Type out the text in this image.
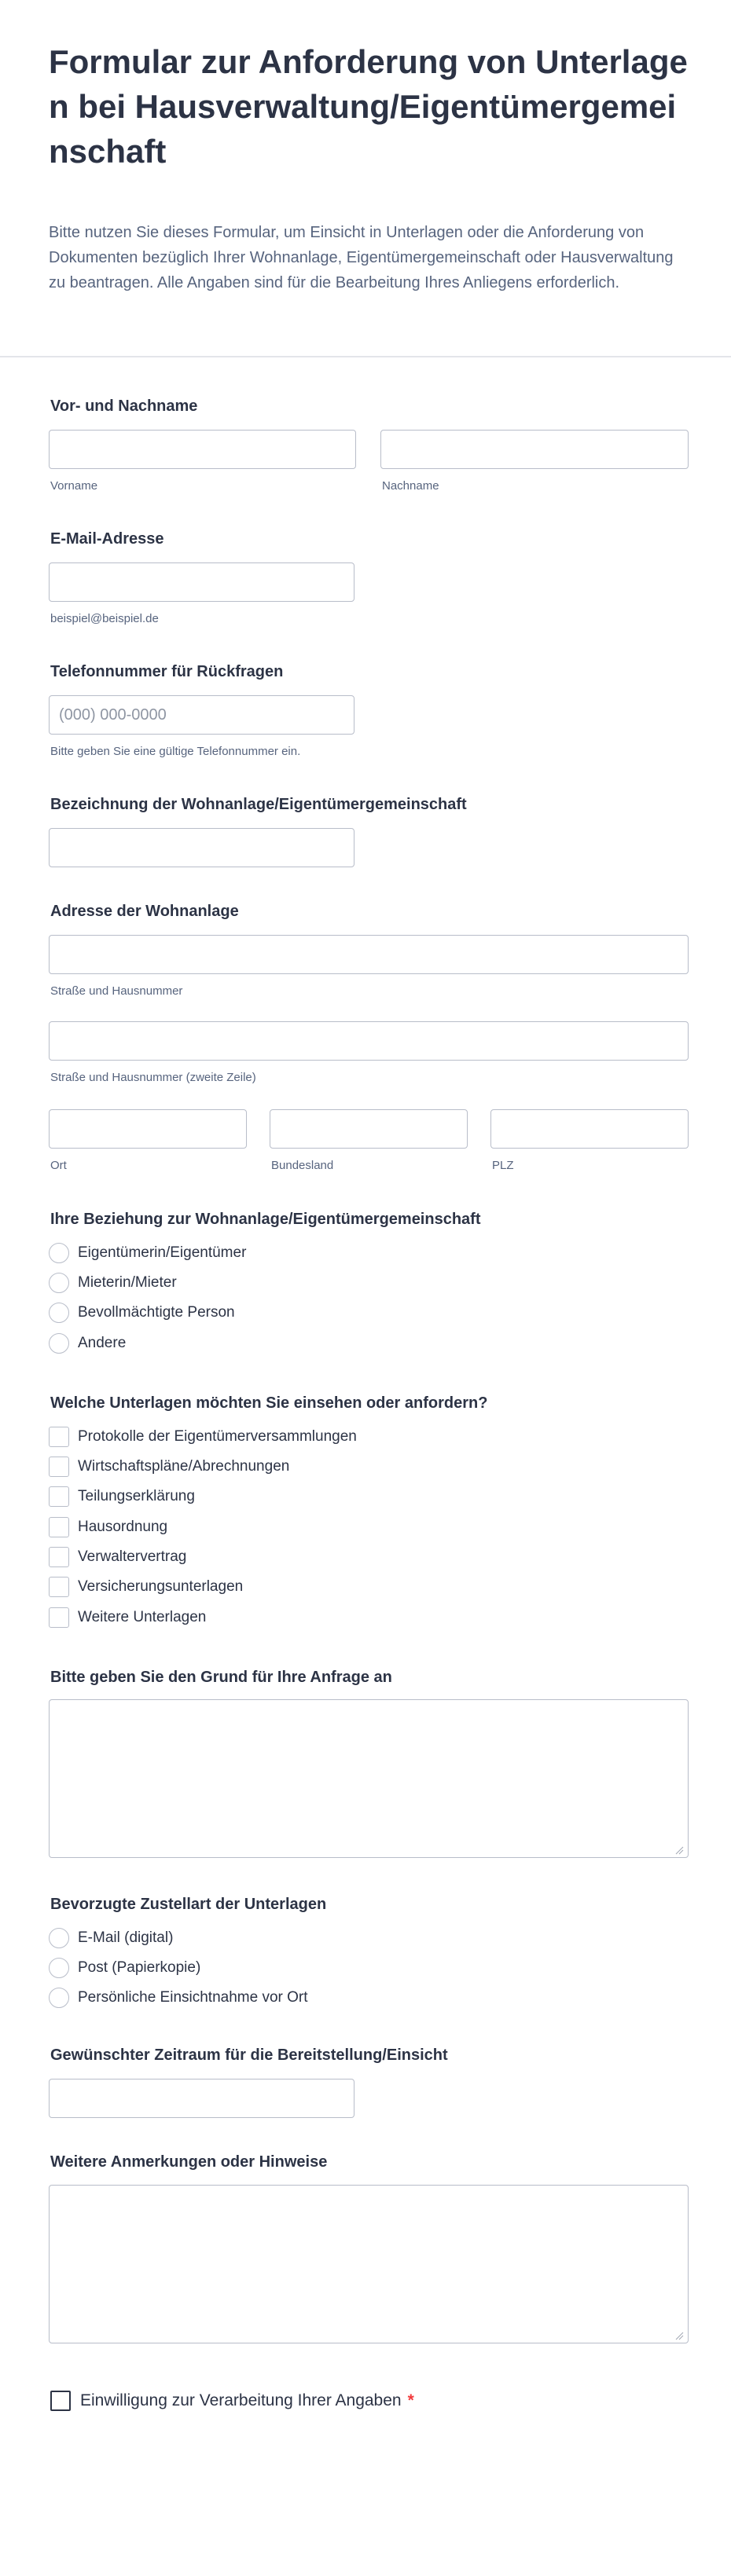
Formular zur Anforderung von Unterlagen bei Hausverwaltung/Eigentümergemeinschaft

Bitte nutzen Sie dieses Formular, um Einsicht in Unterlagen oder die Anforderung von Dokumenten bezüglich Ihrer Wohnanlage, Eigentümergemeinschaft oder Hausverwaltung zu beantragen. Alle Angaben sind für die Bearbeitung Ihres Anliegens erforderlich.

Vor- und Nachname
Vorname	Nachname
E-Mail-Adresse
beispiel@beispiel.de
Telefonnummer für Rückfragen
(000) 000-0000
Bitte geben Sie eine gültige Telefonnummer ein.
Bezeichnung der Wohnanlage/Eigentümergemeinschaft
Adresse der Wohnanlage
Straße und Hausnummer
Straße und Hausnummer (zweite Zeile)
Ort	Bundesland	PLZ
Ihre Beziehung zur Wohnanlage/Eigentümergemeinschaft
Eigentümerin/Eigentümer
Mieterin/Mieter
Bevollmächtigte Person
Andere
Welche Unterlagen möchten Sie einsehen oder anfordern?
Protokolle der Eigentümerversammlungen
Wirtschaftspläne/Abrechnungen
Teilungserklärung
Hausordnung
Verwaltervertrag
Versicherungsunterlagen
Weitere Unterlagen
Bitte geben Sie den Grund für Ihre Anfrage an
Bevorzugte Zustellart der Unterlagen
E-Mail (digital)
Post (Papierkopie)
Persönliche Einsichtnahme vor Ort
Gewünschter Zeitraum für die Bereitstellung/Einsicht
Weitere Anmerkungen oder Hinweise
Einwilligung zur Verarbeitung Ihrer Angaben *
